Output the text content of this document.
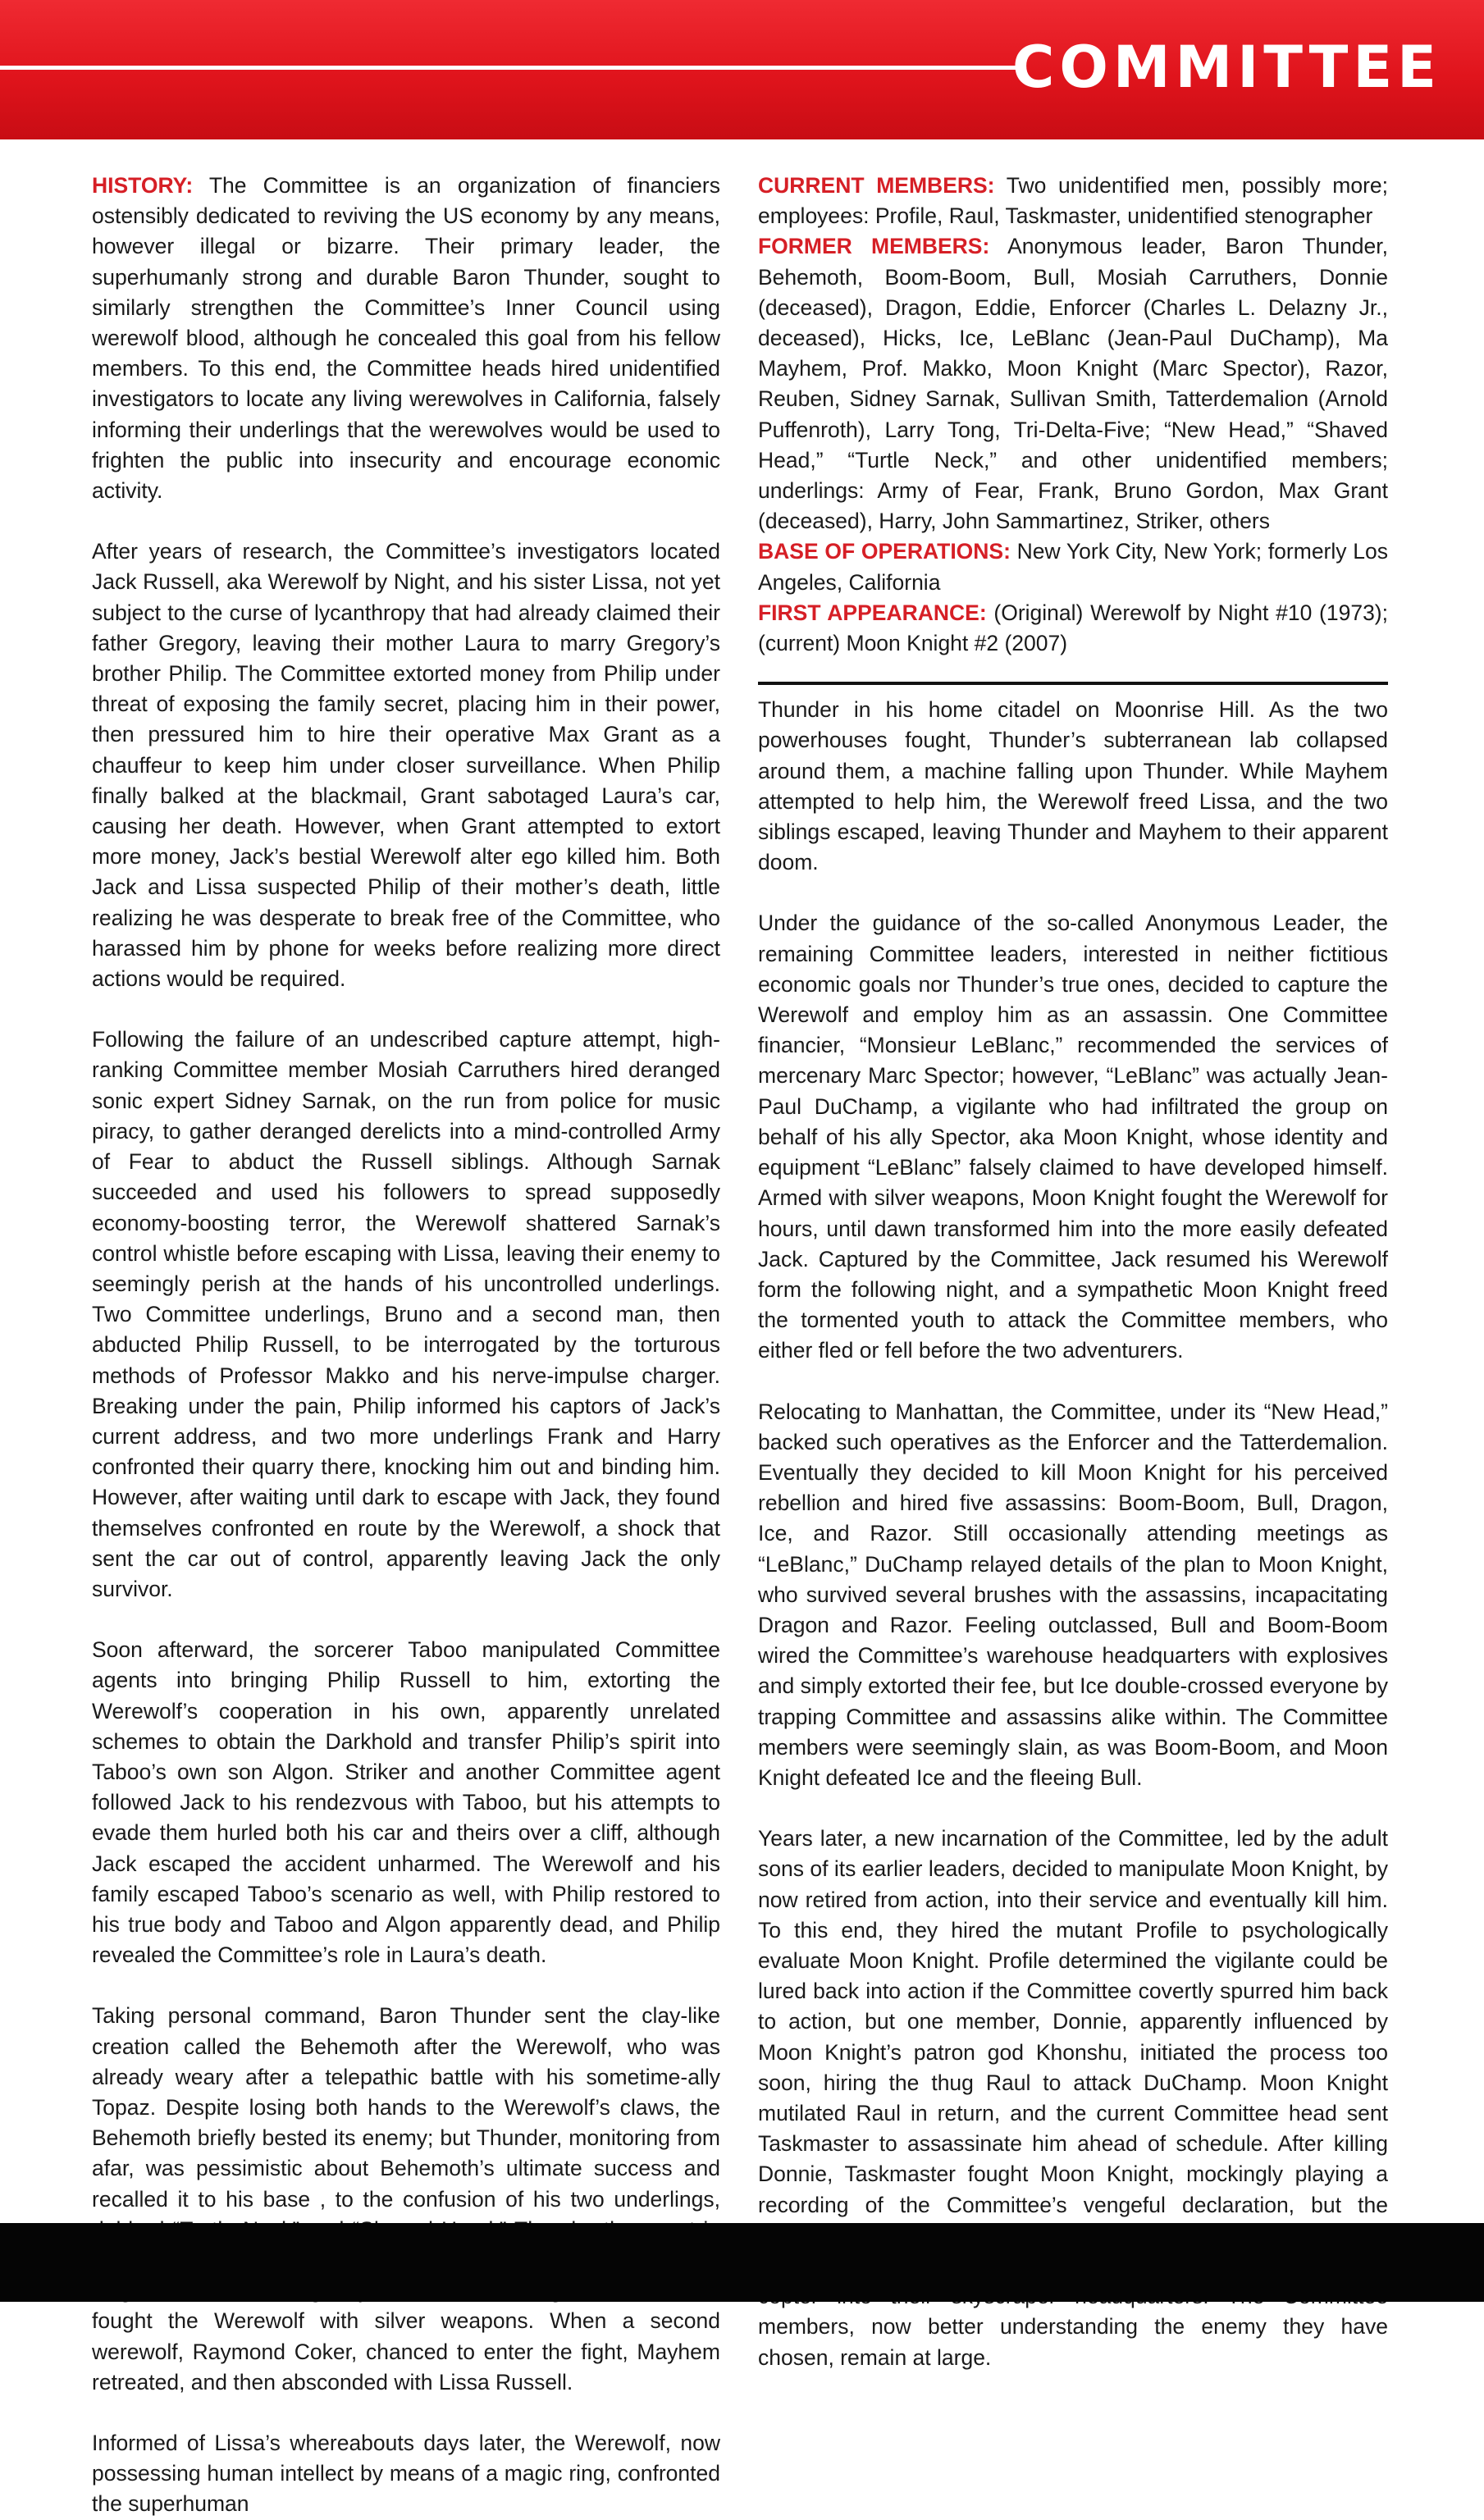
COMMITTEE

HISTORY: The Committee is an organization of financiers ostensibly dedicated to reviving the US economy by any means, however illegal or bizarre. Their primary leader, the superhumanly strong and durable Baron Thunder, sought to similarly strengthen the Committee’s Inner Council using werewolf blood, although he concealed this goal from his fellow members. To this end, the Committee heads hired unidentified investigators to locate any living werewolves in California, falsely informing their underlings that the werewolves would be used to frighten the public into insecurity and encourage economic activity.

After years of research, the Committee’s investigators located Jack Russell, aka Werewolf by Night, and his sister Lissa, not yet subject to the curse of lycanthropy that had already claimed their father Gregory, leaving their mother Laura to marry Gregory’s brother Philip. The Committee extorted money from Philip under threat of exposing the family secret, placing him in their power, then pressured him to hire their operative Max Grant as a chauffeur to keep him under closer surveillance. When Philip finally balked at the blackmail, Grant sabotaged Laura’s car, causing her death. However, when Grant attempted to extort more money, Jack’s bestial Werewolf alter ego killed him. Both Jack and Lissa suspected Philip of their mother’s death, little realizing he was desperate to break free of the Committee, who harassed him by phone for weeks before realizing more direct actions would be required.

Following the failure of an undescribed capture attempt, high-ranking Committee member Mosiah Carruthers hired deranged sonic expert Sidney Sarnak, on the run from police for music piracy, to gather deranged derelicts into a mind-controlled Army of Fear to abduct the Russell siblings. Although Sarnak succeeded and used his followers to spread supposedly economy-boosting terror, the Werewolf shattered Sarnak’s control whistle before escaping with Lissa, leaving their enemy to seemingly perish at the hands of his uncontrolled underlings. Two Committee underlings, Bruno and a second man, then abducted Philip Russell, to be interrogated by the torturous methods of Professor Makko and his nerve-impulse charger. Breaking under the pain, Philip informed his captors of Jack’s current address, and two more underlings Frank and Harry confronted their quarry there, knocking him out and binding him. However, after waiting until dark to escape with Jack, they found themselves confronted en route by the Werewolf, a shock that sent the car out of control, apparently leaving Jack the only survivor.

Soon afterward, the sorcerer Taboo manipulated Committee agents into bringing Philip Russell to him, extorting the Werewolf’s cooperation in his own, apparently unrelated schemes to obtain the Darkhold and transfer Philip’s spirit into Taboo’s own son Algon. Striker and another Committee agent followed Jack to his rendezvous with Taboo, but his attempts to evade them hurled both his car and theirs over a cliff, although Jack escaped the accident unharmed. The Werewolf and his family escaped Taboo’s scenario as well, with Philip restored to his true body and Taboo and Algon apparently dead, and Philip revealed the Committee’s role in Laura’s death.

Taking personal command, Baron Thunder sent the clay-like creation called the Behemoth after the Werewolf, who was already weary after a telepathic battle with his sometime-ally Topaz. Despite losing both hands to the Werewolf’s claws, the Behemoth briefly bested its enemy; but Thunder, monitoring from afar, was pessimistic about Behemoth’s ultimate success and recalled it to his base , to the confusion of his two underlings, fought the Werewolf with silver weapons. When a second werewolf, Raymond Coker, chanced to enter the fight, Mayhem retreated, and then absconded with Lissa Russell.

Informed of Lissa’s whereabouts days later, the Werewolf, now possessing human intellect by means of a magic ring, confronted the superhuman

CURRENT MEMBERS: Two unidentified men, possibly more; employees: Profile, Raul, Taskmaster, unidentified stenographer

FORMER MEMBERS: Anonymous leader, Baron Thunder, Behemoth, Boom-Boom, Bull, Mosiah Carruthers, Donnie (deceased), Dragon, Eddie, Enforcer (Charles L. Delazny Jr., deceased), Hicks, Ice, LeBlanc (Jean-Paul DuChamp), Ma Mayhem, Prof. Makko, Moon Knight (Marc Spector), Razor, Reuben, Sidney Sarnak, Sullivan Smith, Tatterdemalion (Arnold Puffenroth), Larry Tong, Tri-Delta-Five; “New Head,” “Shaved Head,” “Turtle Neck,” and other unidentified members; underlings: Army of Fear, Frank, Bruno Gordon, Max Grant (deceased), Harry, John Sammartinez, Striker, others

BASE OF OPERATIONS: New York City, New York; formerly Los Angeles, California

FIRST APPEARANCE: (Original) Werewolf by Night #10 (1973); (current) Moon Knight #2 (2007)

Thunder in his home citadel on Moonrise Hill. As the two powerhouses fought, Thunder’s subterranean lab collapsed around them, a machine falling upon Thunder. While Mayhem attempted to help him, the Werewolf freed Lissa, and the two siblings escaped, leaving Thunder and Mayhem to their apparent doom.

Under the guidance of the so-called Anonymous Leader, the remaining Committee leaders, interested in neither fictitious economic goals nor Thunder’s true ones, decided to capture the Werewolf and employ him as an assassin. One Committee financier, “Monsieur LeBlanc,” recommended the services of mercenary Marc Spector; however, “LeBlanc” was actually Jean-Paul DuChamp, a vigilante who had infiltrated the group on behalf of his ally Spector, aka Moon Knight, whose identity and equipment “LeBlanc” falsely claimed to have developed himself. Armed with silver weapons, Moon Knight fought the Werewolf for hours, until dawn transformed him into the more easily defeated Jack. Captured by the Committee, Jack resumed his Werewolf form the following night, and a sympathetic Moon Knight freed the tormented youth to attack the Committee members, who either fled or fell before the two adventurers.

Relocating to Manhattan, the Committee, under its “New Head,” backed such operatives as the Enforcer and the Tatterdemalion. Eventually they decided to kill Moon Knight for his perceived rebellion and hired five assassins: Boom-Boom, Bull, Dragon, Ice, and Razor. Still occasionally attending meetings as “LeBlanc,” DuChamp relayed details of the plan to Moon Knight, who survived several brushes with the assassins, incapacitating Dragon and Razor. Feeling outclassed, Bull and Boom-Boom wired the Committee’s warehouse headquarters with explosives and simply extorted their fee, but Ice double-crossed everyone by trapping Committee and assassins alike within. The Committee members were seemingly slain, as was Boom-Boom, and Moon Knight defeated Ice and the fleeing Bull.

Years later, a new incarnation of the Committee, led by the adult sons of its earlier leaders, decided to manipulate Moon Knight, by now retired from action, into their service and eventually kill him. To this end, they hired the mutant Profile to psychologically evaluate Moon Knight. Profile determined the vigilante could be lured back into action if the Committee covertly spurred him back to action, but one member, Donnie, apparently influenced by Moon Knight’s patron god Khonshu, initiated the process too soon, hiring the thug Raul to attack DuChamp. Moon Knight mutilated Raul in return, and the current Committee head sent Taskmaster to assassinate him ahead of schedule. After killing Donnie, Taskmaster fought Moon Knight, mockingly playing a recording of the Committee’s vengeful declaration, but the members, now better understanding the enemy they have chosen, remain at large.
